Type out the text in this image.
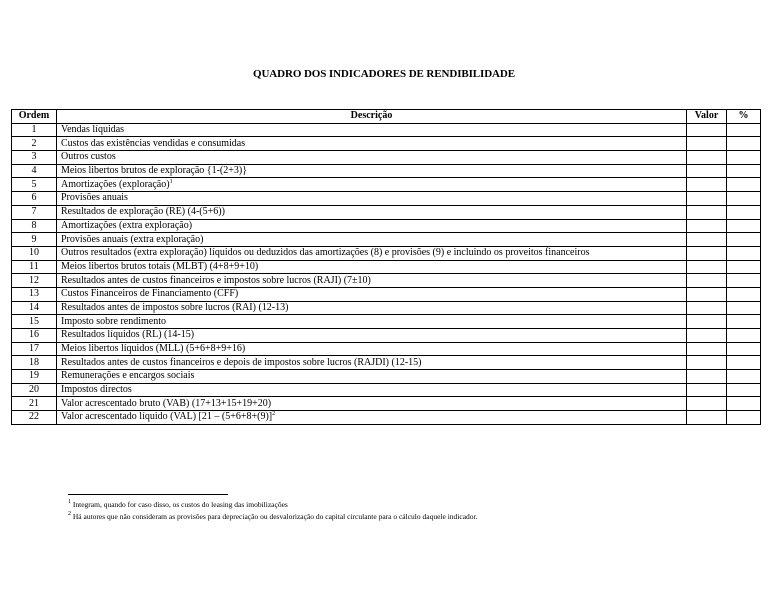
QUADRO DOS INDICADORES DE RENDIBILIDADE
Ordem	Descrição	Valor	%
1	Vendas líquidas		
2	Custos das existências vendidas e consumidas		
3	Outros custos		
4	Meios libertos brutos de exploração {1-(2+3)}		
5	Amortizações (exploração)$^1$		
6	Provisões anuais		
7	Resultados de exploração (RE) (4-(5+6))		
8	Amortizações (extra exploração)		
9	Provisões anuais (extra exploração)		
10	Outros resultados (extra exploração) líquidos ou deduzidos das amortizações (8) e provisões (9) e incluindo os proveitos financeiros		
11	Meios libertos brutos totais (MLBT) (4+8+9+10)		
12	Resultados antes de custos financeiros e impostos sobre lucros (RAJI) (7±10)		
13	Custos Financeiros de Financiamento (CFF)		
14	Resultados antes de impostos sobre lucros (RAI) (12-13)		
15	Imposto sobre rendimento		
16	Resultados líquidos (RL) (14-15)		
17	Meios libertos líquidos (MLL) (5+6+8+9+16)		
18	Resultados antes de custos financeiros e depois de impostos sobre lucros (RAJDI) (12-15)		
19	Remunerações e encargos sociais		
20	Impostos directos		
21	Valor acrescentado bruto (VAB) (17+13+15+19+20)		
22	Valor acrescentado líquido (VAL) [$21 - (5+6+8+(9)]^2$		
$^1$ Integram, quando for caso disso, os custos do leasing das imobilizações
$^2$ Há autores que não consideram as provisões para depreciação ou desvalorização do capital circulante para o cálculo daquele indicador.
